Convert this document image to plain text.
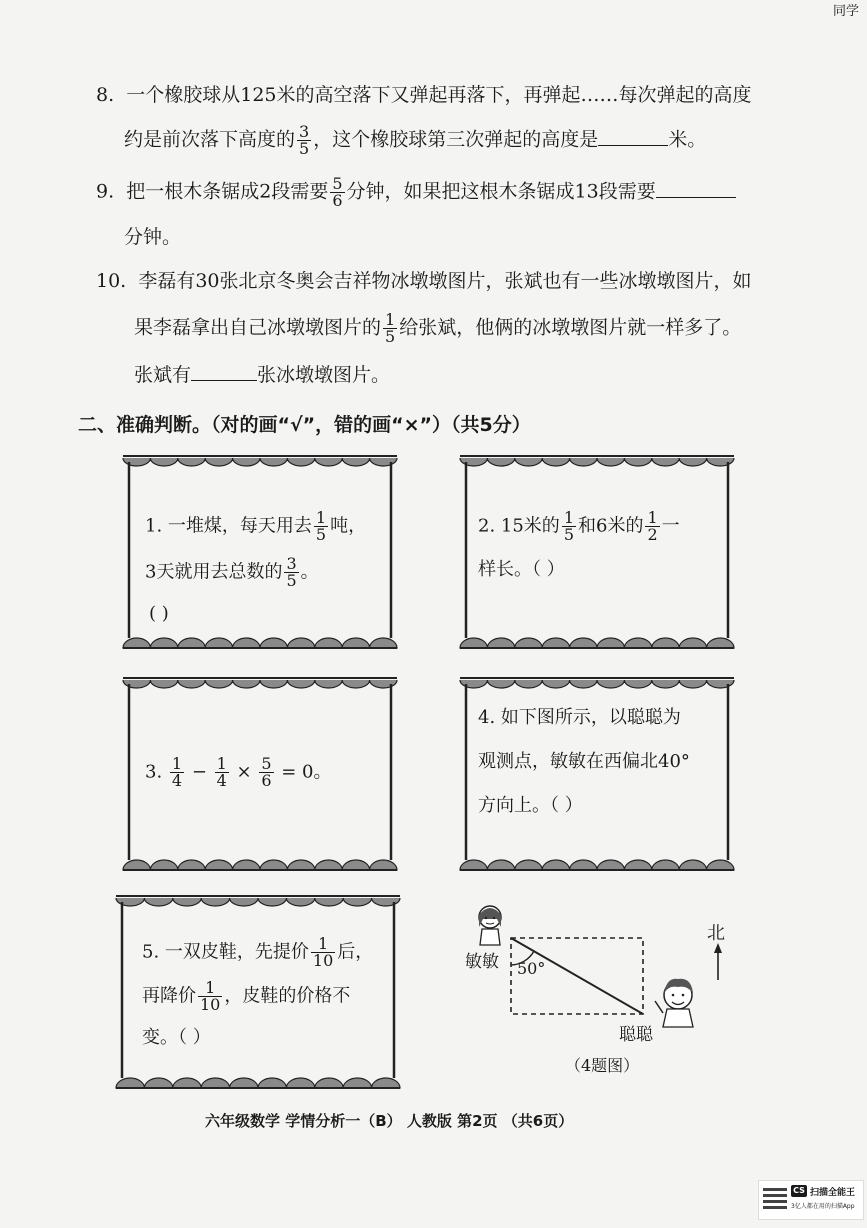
同学
8. 一个橡胶球从125米的高空落下又弹起再落下，再弹起……每次弹起的高度
约是前次落下高度的 $\frac{3}{5}$ ，这个橡胶球第三次弹起的高度是	米。
9. 把一根木条锯成2段需要 $\frac{5}{6}$ 分钟，如果把这根木条锯成13段需要
分钟。
10. 李磊有30张北京冬奥会吉祥物冰墩墩图片，张斌也有一些冰墩墩图片，如
果李磊拿出自己冰墩墩图片的 $\frac{1}{5}$ 给张斌，他俩的冰墩墩图片就一样多了。
张斌有	张冰墩墩图片。
二、准确判断。（对的画“√”，错的画“×”）（共5分）
1. 一堆煤，每天用去 $\frac{1}{5}$ 吨，
3天就用去总数的 $\frac{3}{5}$ 。
( )
2. 15米的 $\frac{1}{5}$ 和6米的 $\frac{1}{2}$ 一
样长。（ ）
3. $\frac{1}{4} - \frac{1}{4} \times \frac{5}{6} = 0$。
4. 如下图所示，以聪聪为
观测点，敏敏在西偏北40°
方向上。（ ）
5. 一双皮鞋，先提价 $\frac{1}{10}$ 后，
再降价 $\frac{1}{10}$ ，皮鞋的价格不
变。（ ）
北
敏敏 50°
聪聪
（4题图）
六年级数学 学情分析一（B） 人教版 第2页 （共6页）
CS 扫描全能王
3亿人都在用的扫描App
